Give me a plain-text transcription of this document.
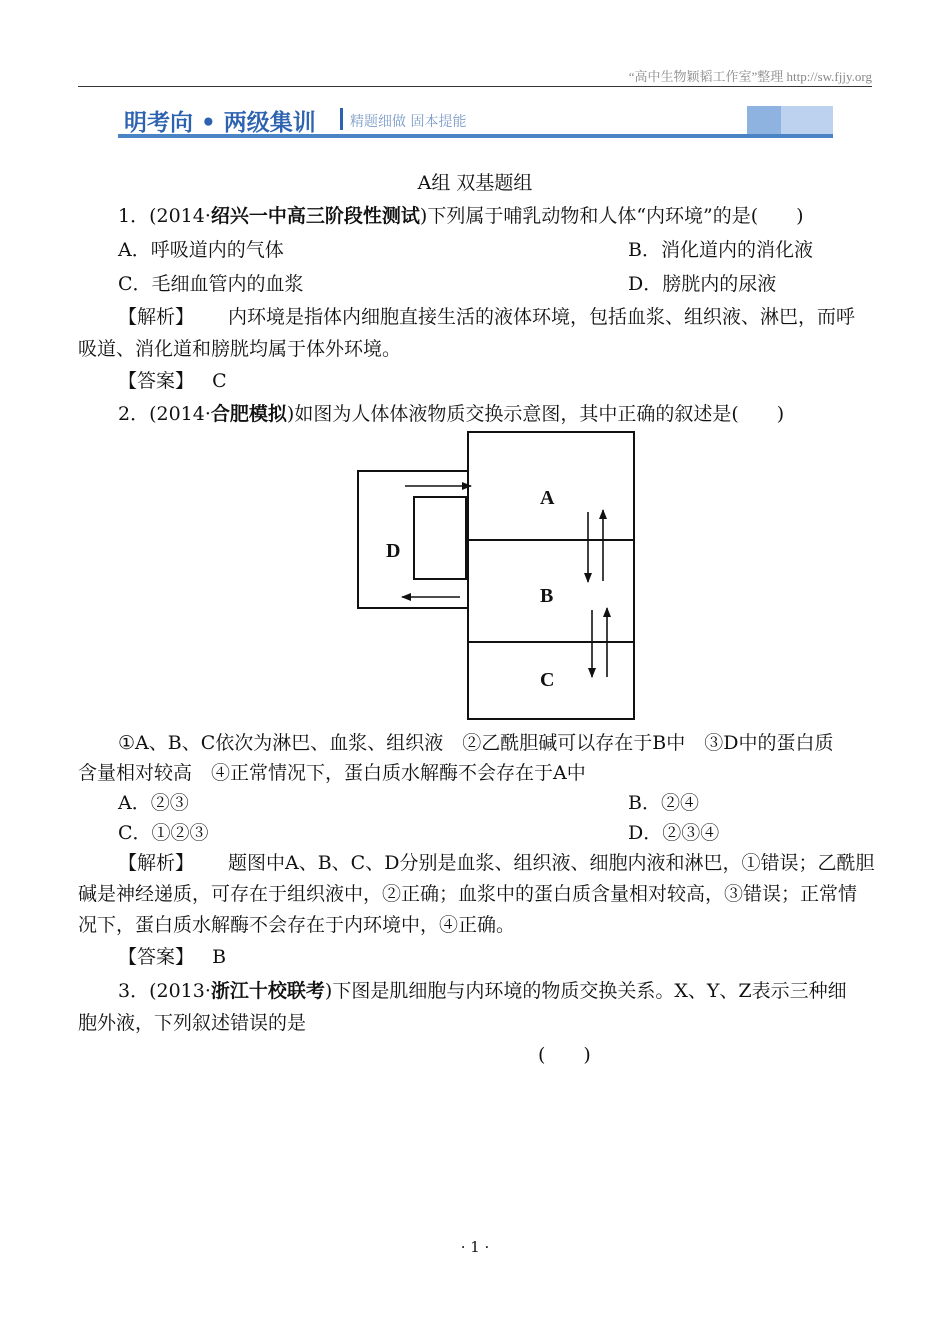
“高中生物颖韬工作室”整理 http://sw.fjjy.org
明考向 • 两级集训 精题细做 固本提能
A组 双基题组
1．(2014·绍兴一中高三阶段性测试)下列属于哺乳动物和人体“内环境”的是(　　)
A．呼吸道内的气体	B．消化道内的消化液
C．毛细血管内的血浆	D．膀胱内的尿液
【解析】 内环境是指体内细胞直接生活的液体环境，包括血浆、组织液、淋巴，而呼
吸道、消化道和膀胱均属于体外环境。
【答案】 C
2．(2014·合肥模拟)如图为人体体液物质交换示意图，其中正确的叙述是(　　)
A
B
C
D
①A、B、C依次为淋巴、血浆、组织液　②乙酰胆碱可以存在于B中　③D中的蛋白质
含量相对较高　④正常情况下，蛋白质水解酶不会存在于A中
A．②③	B．②④
C．①②③	D．②③④
【解析】 题图中A、B、C、D分别是血浆、组织液、细胞内液和淋巴，①错误；乙酰胆
碱是神经递质，可存在于组织液中，②正确；血浆中的蛋白质含量相对较高，③错误；正常情
况下，蛋白质水解酶不会存在于内环境中，④正确。
【答案】 B
3．(2013·浙江十校联考)下图是肌细胞与内环境的物质交换关系。X、Y、Z表示三种细
胞外液，下列叙述错误的是
(　　)
· 1 ·
